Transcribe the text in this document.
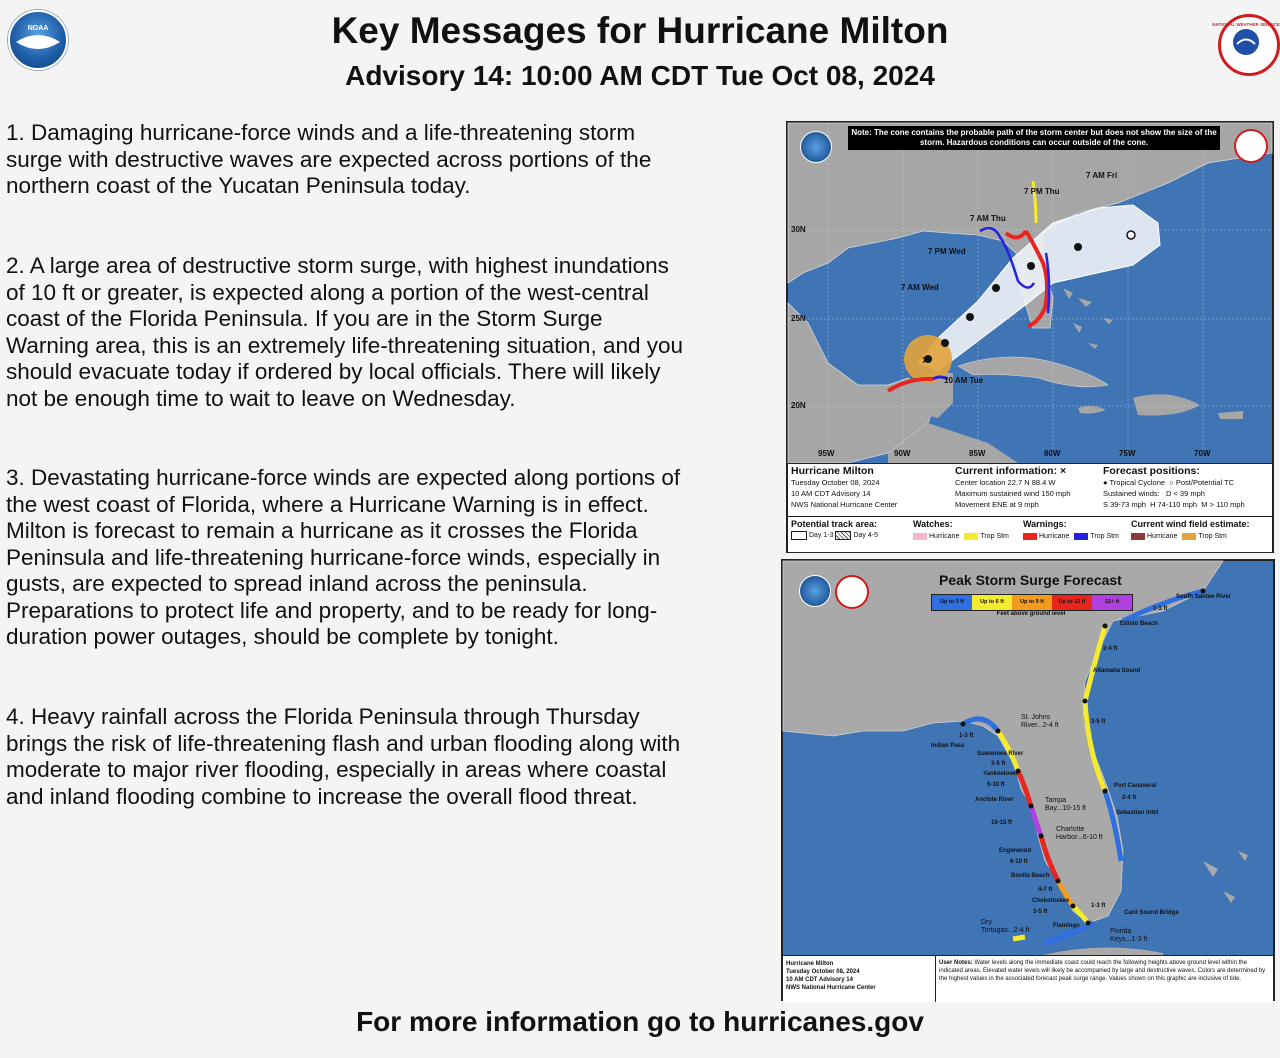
NOAA
NATIONAL WEATHER SERVICE
Key Messages for Hurricane Milton
Advisory 14: 10:00 AM CDT Tue Oct 08, 2024
1. Damaging hurricane-force winds and a life-threatening storm surge with destructive waves are expected across portions of the northern coast of the Yucatan Peninsula today.
2. A large area of destructive storm surge, with highest inundations of 10 ft or greater, is expected along a portion of the west-central coast of the Florida Peninsula. If you are in the Storm Surge Warning area, this is an extremely life-threatening situation, and you should evacuate today if ordered by local officials. There will likely not be enough time to wait to leave on Wednesday.
3. Devastating hurricane-force winds are expected along portions of the west coast of Florida, where a Hurricane Warning is in effect. Milton is forecast to remain a hurricane as it crosses the Florida Peninsula and life-threatening hurricane-force winds, especially in gusts, are expected to spread inland across the peninsula. Preparations to protect life and property, and to be ready for long-duration power outages, should be complete by tonight.
4. Heavy rainfall across the Florida Peninsula through Thursday brings the risk of life-threatening flash and urban flooding along with moderate to major river flooding, especially in areas where coastal and inland flooding combine to increase the overall flood threat.
×
Note: The cone contains the probable path of the storm center but does not show the size of the storm. Hazardous conditions can occur outside of the cone.
30N
25N
20N
95W	90W	85W	80W	75W	70W
7 AM Fri
7 PM Thu
7 AM Thu
7 PM Wed
7 AM Wed
10 AM Tue
Hurricane Milton
Tuesday October 08, 2024
10 AM CDT Advisory 14
NWS National Hurricane Center
Current information: ×
Center location 22.7 N 88.4 W
Maximum sustained wind 150 mph
Movement ENE at 9 mph
Forecast positions:
● Tropical Cyclone ○ Post/Potential TC
Sustained winds: D < 39 mph
S 39-73 mph H 74-110 mph M > 110 mph
Potential track area:
Day 1-3	Day 4-5
Watches:
Hurricane	Trop Stm
Warnings:
Hurricane	Trop Stm
Current wind field estimate:
Hurricane	Trop Stm
Peak Storm Surge Forecast
Up to 3 ft	Up to 6 ft	Up to 9 ft	Up to 12 ft	12+ ft
Feet above ground level
South Santee River
Edisto Beach
Altamaha Sound
Indian Pass
Suwannee River
Yankeetown
Anclote River
Englewood
Bonita Beach
Chokoloskee
Flamingo
Card Sound Bridge
Port Canaveral
Sebastian Inlet
St. Johns
River...2-4 ft
Tampa
Bay...10-15 ft
Charlotte
Harbor...6-10 ft
Dry
Tortugas...2-4 ft	Florida
Keys...1-3 ft
1-3 ft
2-4 ft
3-5 ft
2-4 ft
1-3 ft
3-5 ft
5-10 ft
10-15 ft
6-10 ft
4-7 ft
3-5 ft
1-3 ft
Hurricane Milton
Tuesday October 08, 2024
10 AM CDT Advisory 14
NWS National Hurricane Center
User Notes: Water levels along the immediate coast could reach the following heights above ground level within the indicated areas. Elevated water levels will likely be accompanied by large and destructive waves. Colors are determined by the highest values in the associated forecast peak surge range. Values shown on this graphic are inclusive of tide.
For more information go to hurricanes.gov
